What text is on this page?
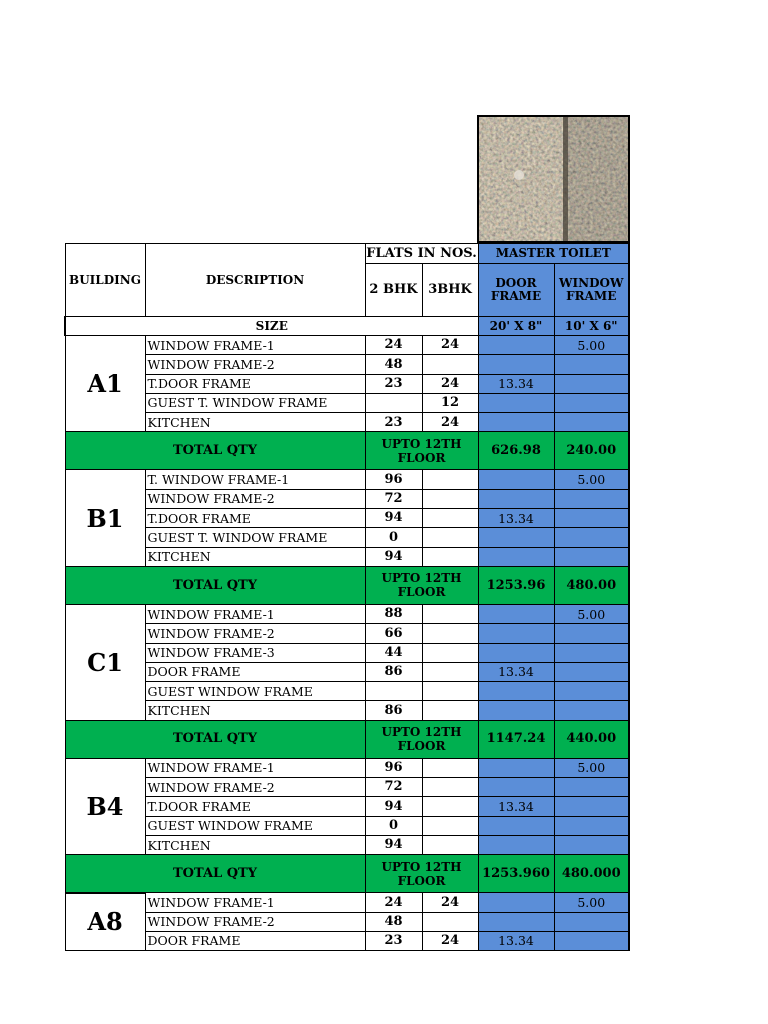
BUILDING	DESCRIPTION	FLATS IN NOS.		MASTER TOILET	
		2 BHK	3BHK	DOOR FRAME	WINDOW FRAME
SIZE				20' X 8"	10' X 6"
A1	WINDOW FRAME-1	24	24		5.00
	WINDOW FRAME-2	48			
	T.DOOR FRAME	23	24	13.34	
	GUEST T. WINDOW FRAME		12		
	KITCHEN	23	24		
TOTAL QTY		UPTO 12TH FLOOR		626.98	240.00
B1	T. WINDOW FRAME-1	96			5.00
	WINDOW FRAME-2	72			
	T.DOOR FRAME	94		13.34	
	GUEST T. WINDOW FRAME	0			
	KITCHEN	94			
TOTAL QTY		UPTO 12TH FLOOR		1253.96	480.00
C1	WINDOW FRAME-1	88			5.00
	WINDOW FRAME-2	66			
	WINDOW FRAME-3	44			
	DOOR FRAME	86		13.34	
	GUEST WINDOW FRAME				
	KITCHEN	86			
TOTAL QTY		UPTO 12TH FLOOR		1147.24	440.00
B4	WINDOW FRAME-1	96			5.00
	WINDOW FRAME-2	72			
	T.DOOR FRAME	94		13.34	
	GUEST WINDOW FRAME	0			
	KITCHEN	94			
TOTAL QTY		UPTO 12TH FLOOR		1253.960	480.000
A8	WINDOW FRAME-1	24	24		5.00
	WINDOW FRAME-2	48			
	DOOR FRAME	23	24	13.34	
